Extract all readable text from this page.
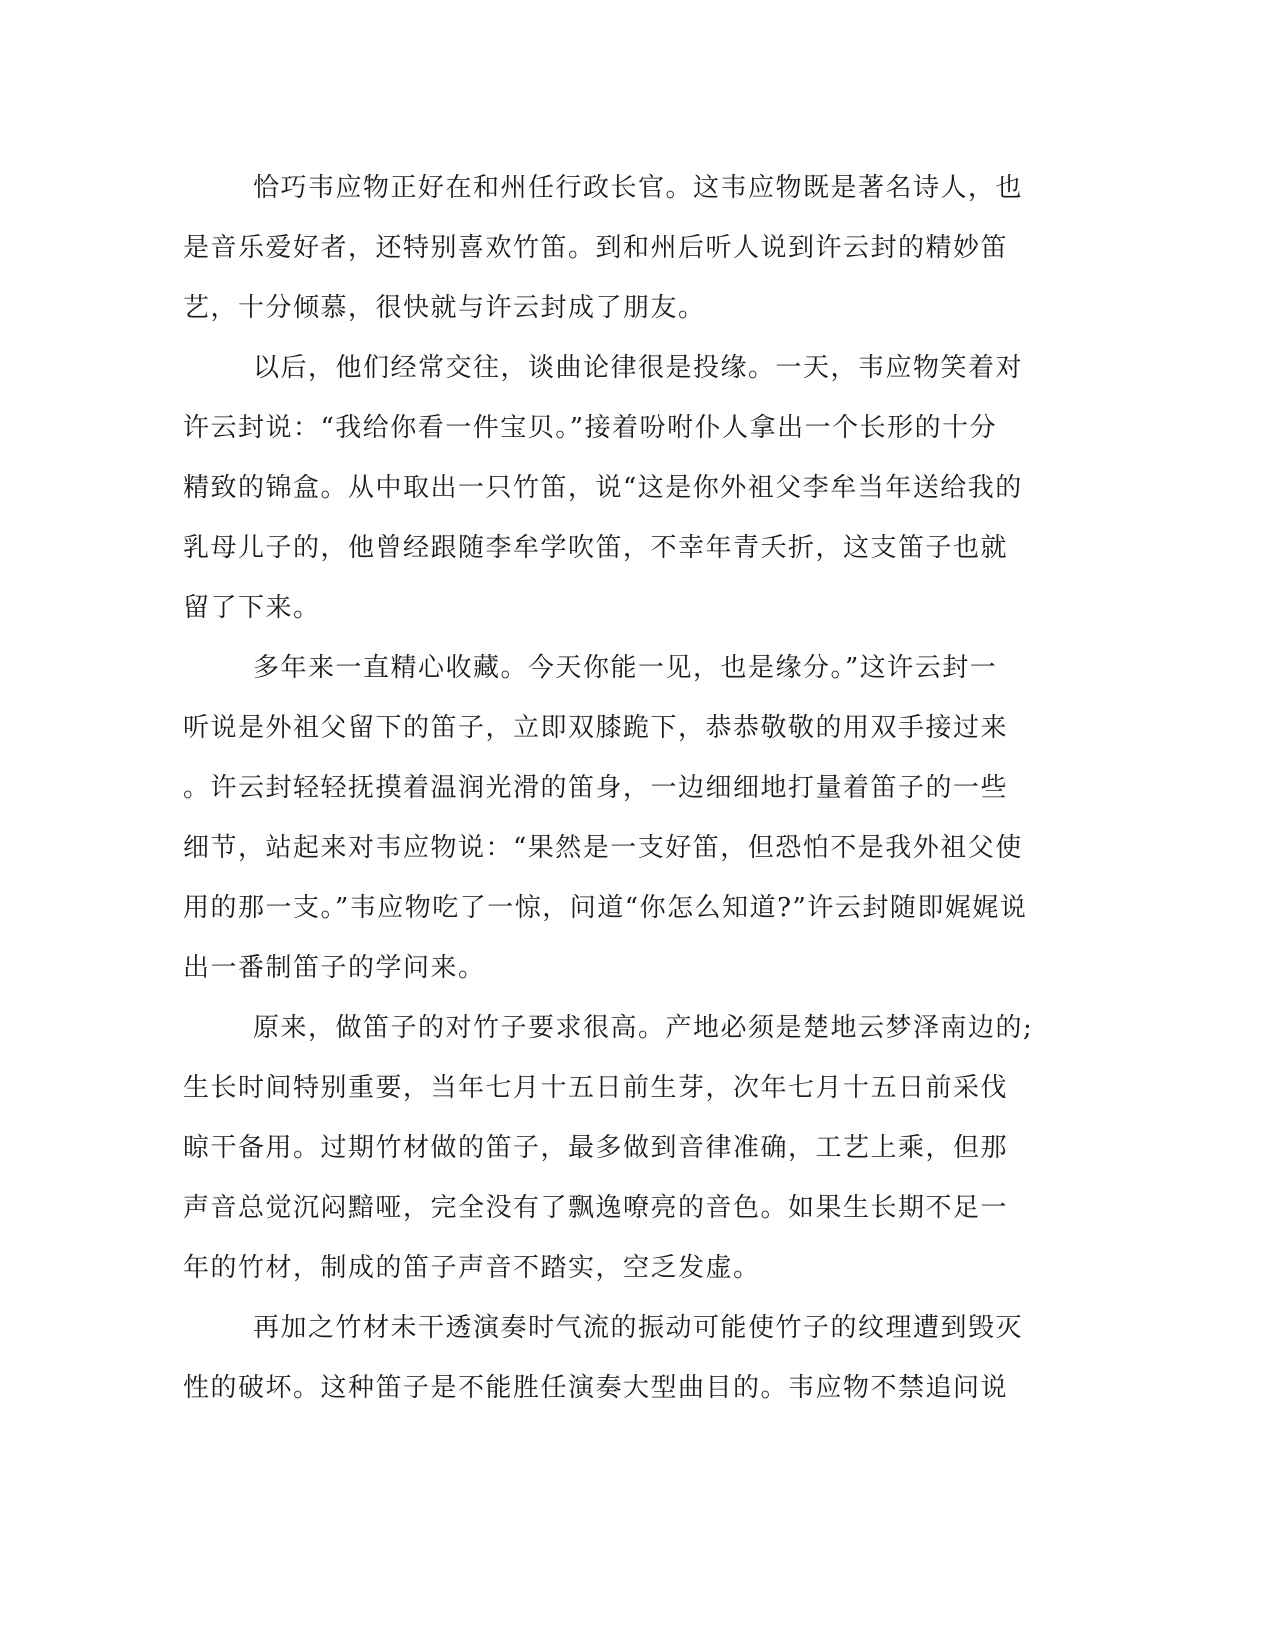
恰巧韦应物正好在和州任行政长官。这韦应物既是著名诗人，也
是音乐爱好者，还特别喜欢竹笛。到和州后听人说到许云封的精妙笛
艺，十分倾慕，很快就与许云封成了朋友。
以后，他们经常交往，谈曲论律很是投缘。一天，韦应物笑着对
许云封说：“我给你看一件宝贝。”接着吩咐仆人拿出一个长形的十分
精致的锦盒。从中取出一只竹笛，说“这是你外祖父李牟当年送给我的
乳母儿子的，他曾经跟随李牟学吹笛，不幸年青夭折，这支笛子也就
留了下来。
多年来一直精心收藏。今天你能一见，也是缘分。”这许云封一
听说是外祖父留下的笛子，立即双膝跪下，恭恭敬敬的用双手接过来
。许云封轻轻抚摸着温润光滑的笛身，一边细细地打量着笛子的一些
细节，站起来对韦应物说：“果然是一支好笛，但恐怕不是我外祖父使
用的那一支。”韦应物吃了一惊，问道“你怎么知道?”许云封随即娓娓说
出一番制笛子的学问来。
原来，做笛子的对竹子要求很高。产地必须是楚地云梦泽南边的;
生长时间特别重要，当年七月十五日前生芽，次年七月十五日前采伐
晾干备用。过期竹材做的笛子，最多做到音律准确，工艺上乘，但那
声音总觉沉闷黯哑，完全没有了飘逸嘹亮的音色。如果生长期不足一
年的竹材，制成的笛子声音不踏实，空乏发虚。
再加之竹材未干透演奏时气流的振动可能使竹子的纹理遭到毁灭
性的破坏。这种笛子是不能胜任演奏大型曲目的。韦应物不禁追问说
